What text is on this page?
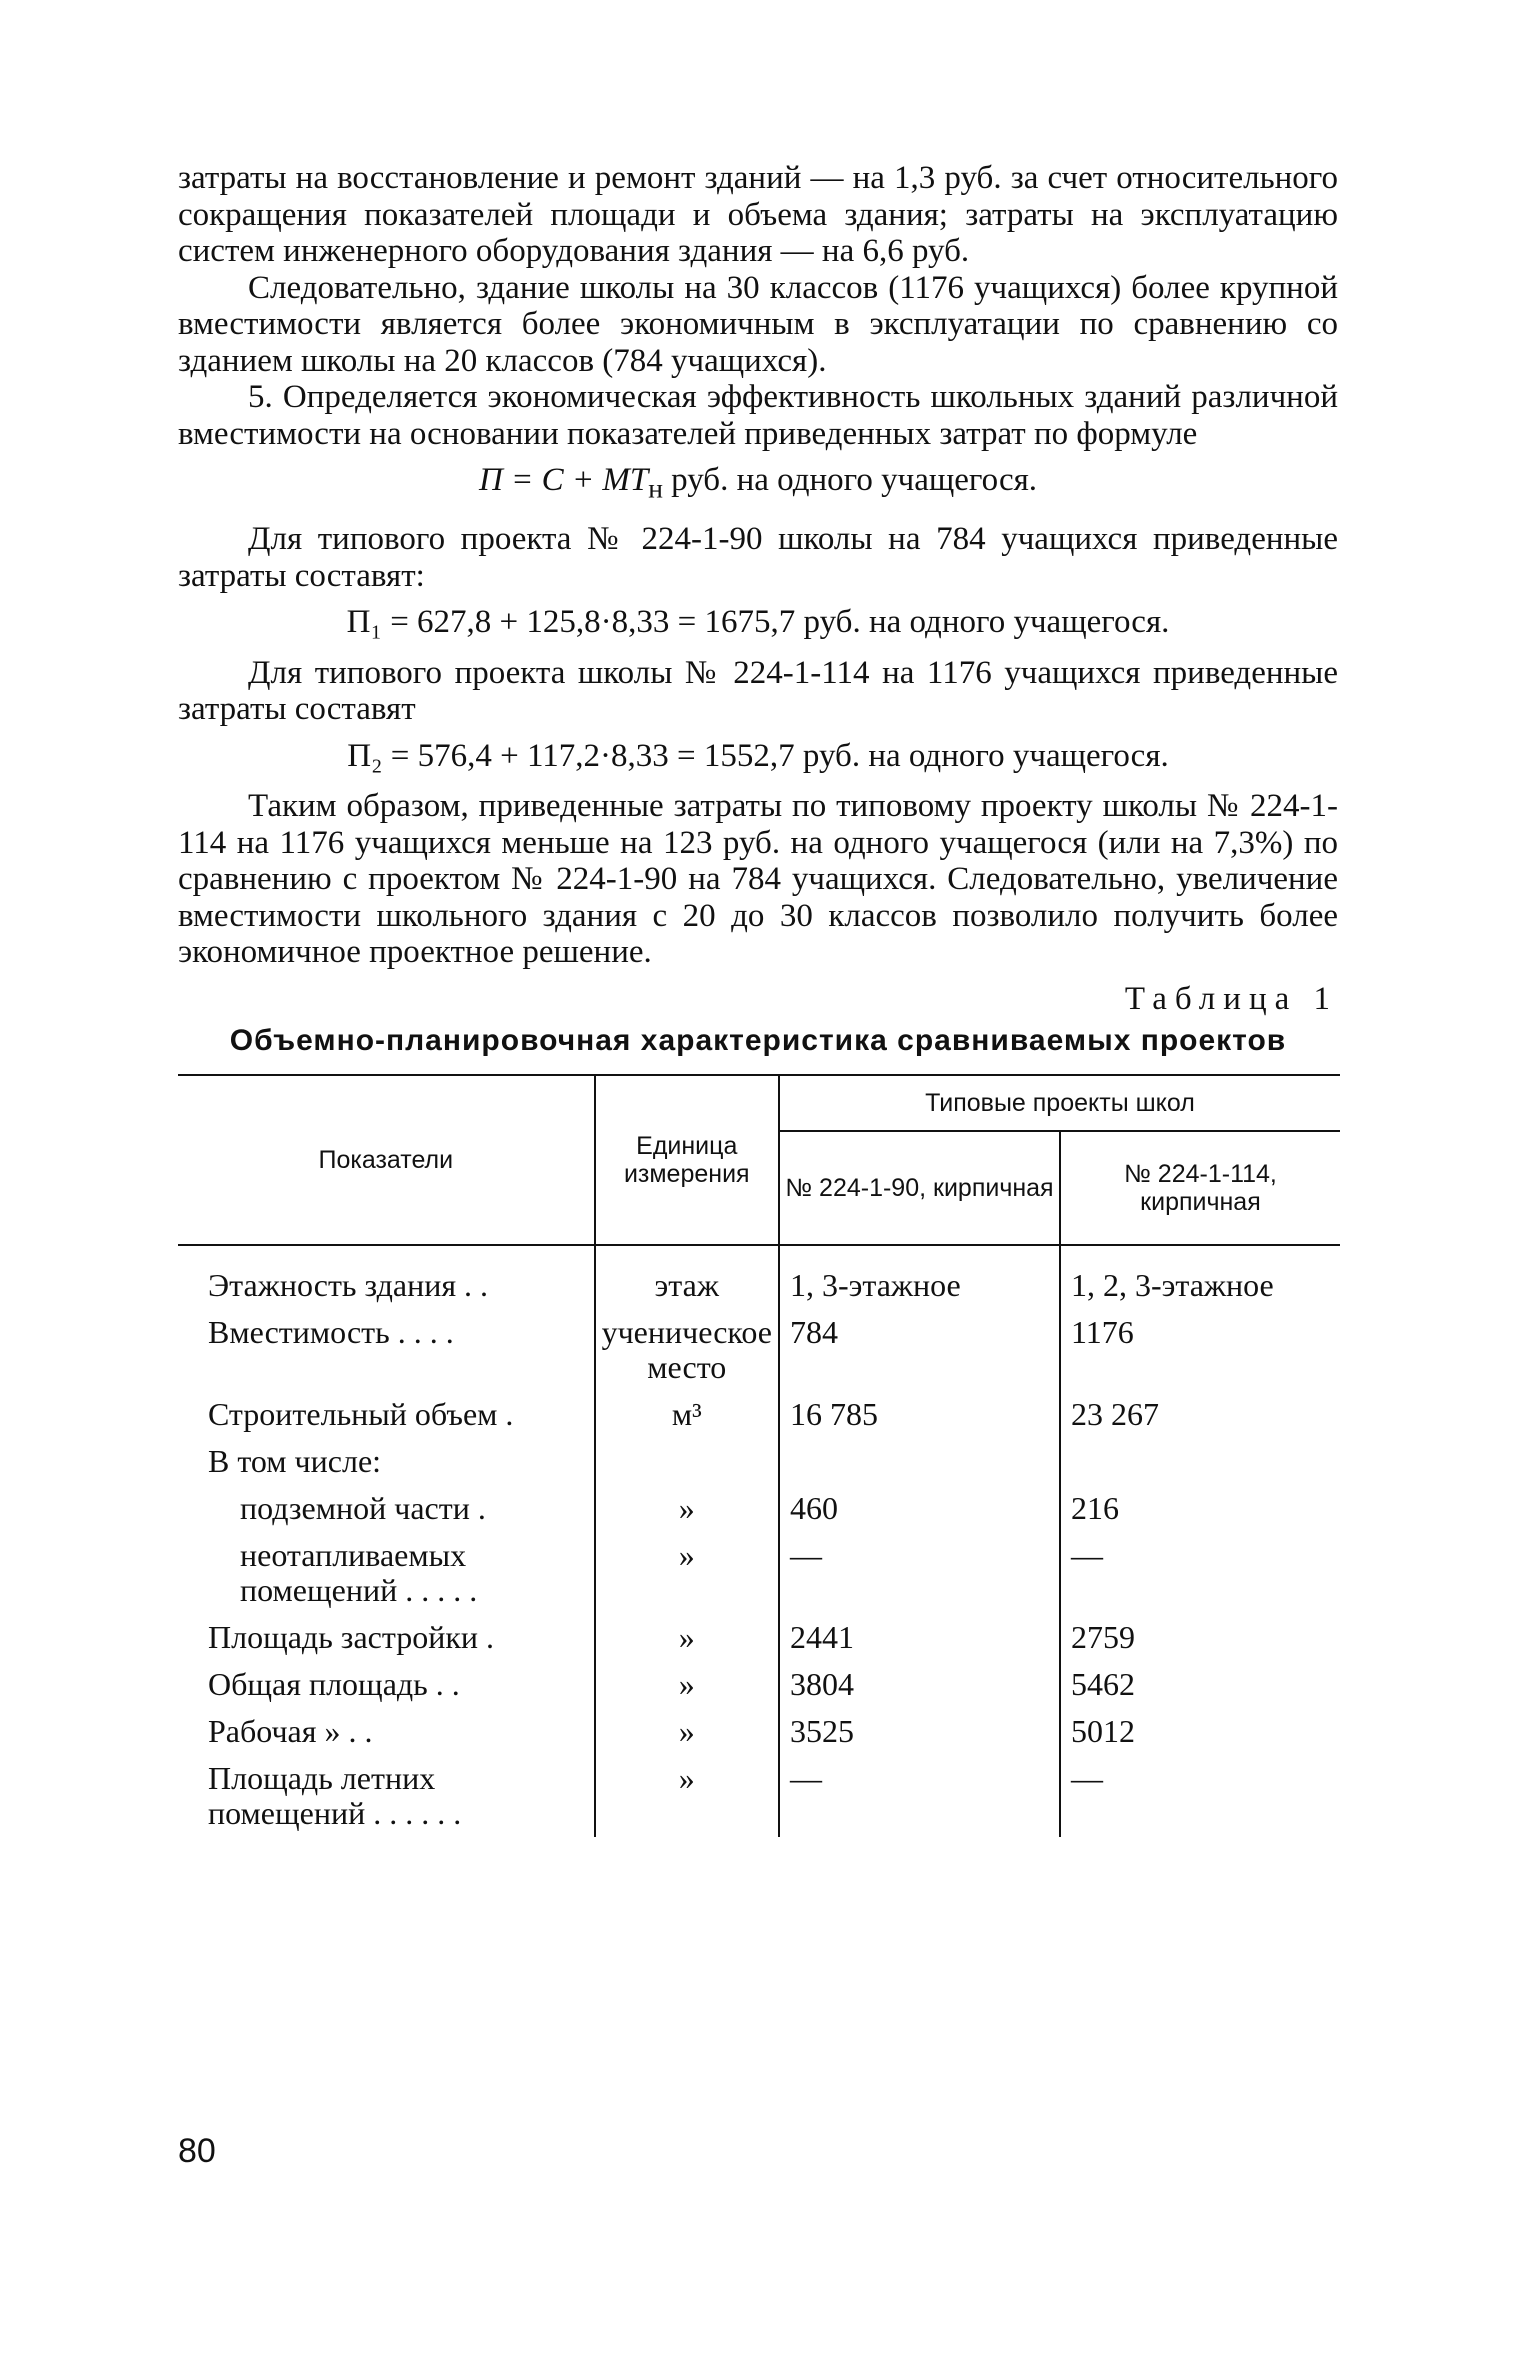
затраты на восстановление и ремонт зданий — на 1,3 руб. за счет относительного сокращения показателей площади и объема здания; затраты на эксплуатацию систем инженерного оборудования здания — на 6,6 руб.

Следовательно, здание школы на 30 классов (1176 учащихся) более крупной вместимости является более экономичным в эксплуатации по сравнению со зданием школы на 20 классов (784 учащихся).

5. Определяется экономическая эффективность школьных зданий различной вместимости на основании показателей приведенных затрат по формуле

$П = С + МТ_н$ руб. на одного учащегося.

Для типового проекта № 224-1-90 школы на 784 учащихся приведенные затраты составят:

П₁ = 627,8 + 125,8·8,33 = 1675,7 руб. на одного учащегося.

Для типового проекта школы № 224-1-114 на 1176 учащихся приведенные затраты составят

П₂ = 576,4 + 117,2·8,33 = 1552,7 руб. на одного учащегося.

Таким образом, приведенные затраты по типовому проекту школы № 224-1-114 на 1176 учащихся меньше на 123 руб. на одного учащегося (или на 7,3%) по сравнению с проектом № 224-1-90 на 784 учащихся. Следовательно, увеличение вместимости школьного здания с 20 до 30 классов позволило получить более экономичное проектное решение.

Таблица 1
Объемно-планировочная характеристика сравниваемых проектов
Показатели	Единица измерения	Типовые проекты школ	
		№ 224-1-90, кирпичная	№ 224-1-114, кирпичная
Этажность здания . .	этаж	1, 3-этажное	1, 2, 3-этажное
Вместимость . . . .	ученическое место	784	1176
Строительный объем .	м³	16 785	23 267
В том числе:			
подземной части .	»	460	216
неотапливаемых помещений . . . . .	»	—	—
Площадь застройки .	»	2441	2759
Общая площадь . .	»	3804	5462
Рабочая » . .	»	3525	5012
Площадь летних помещений . . . . . .	»	—	—
80
